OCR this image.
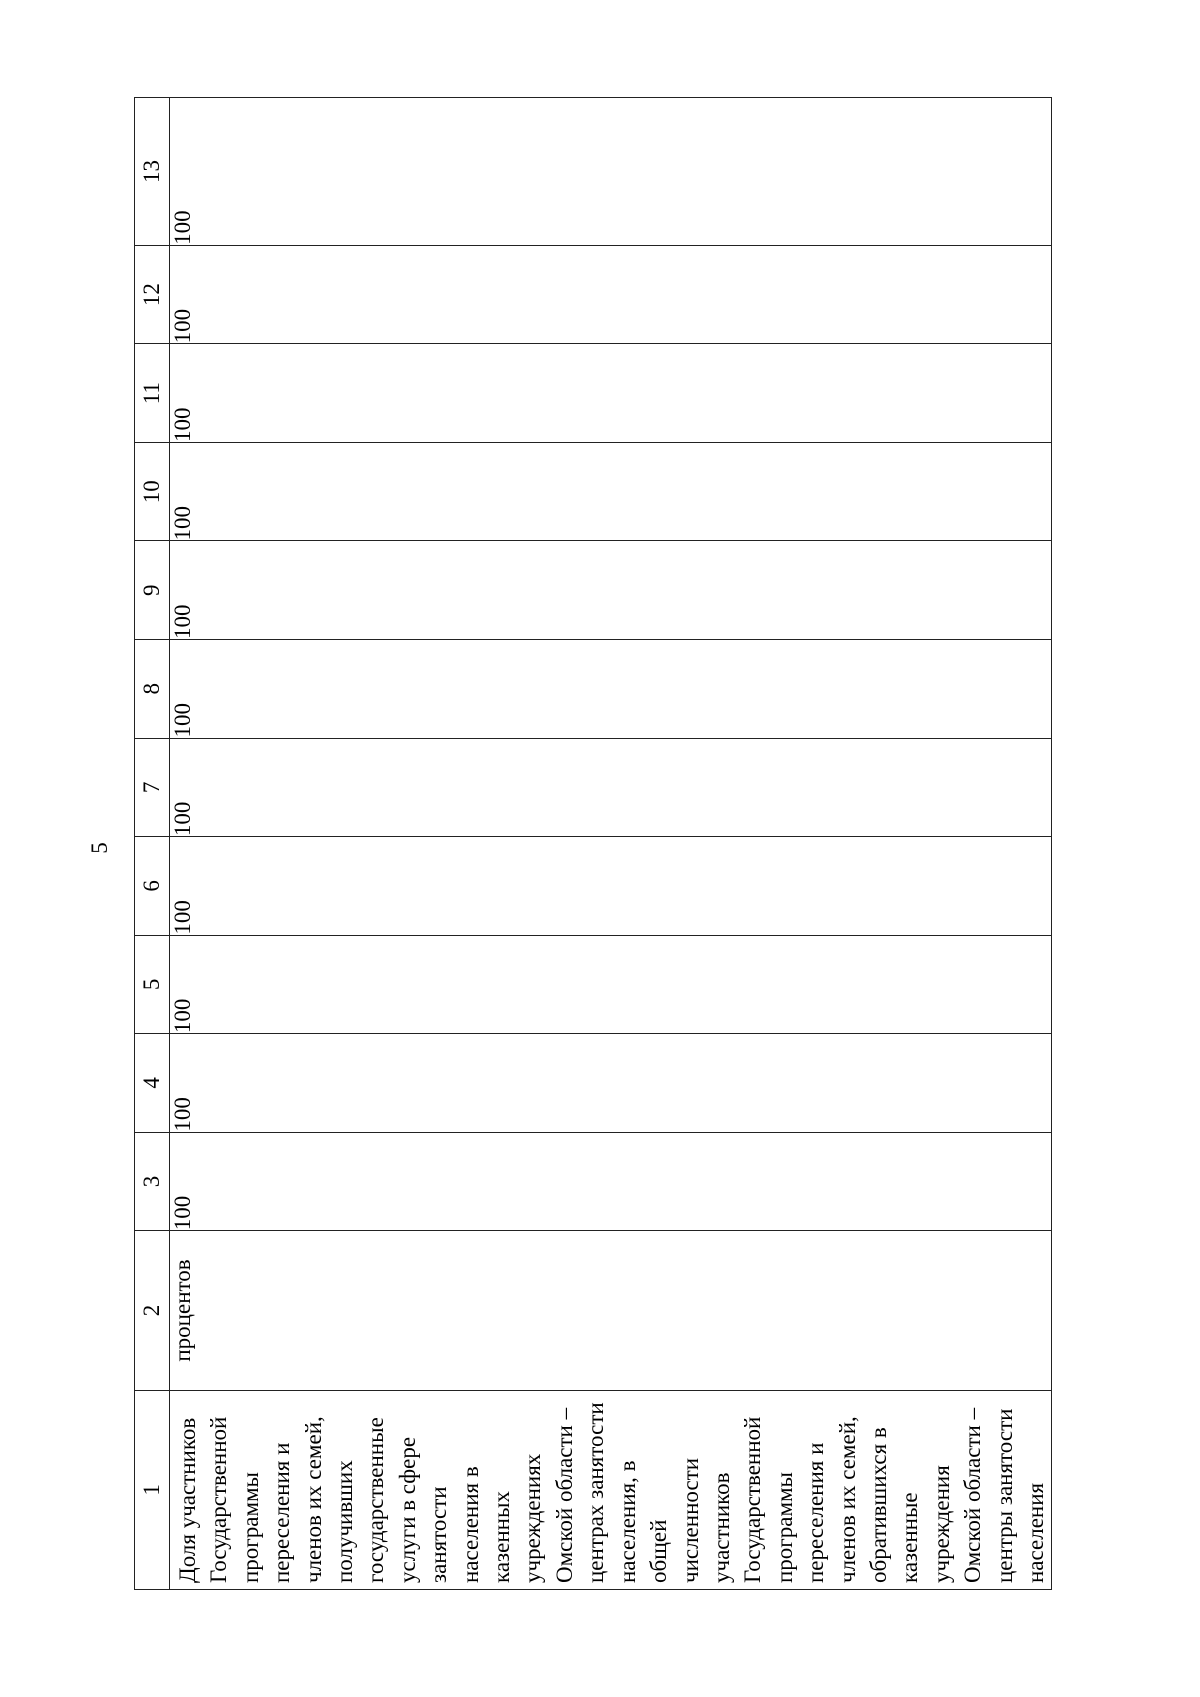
5
1	2	3	4	5	6	7	8	9	10	11	12	13

Доля участников Государственной программы переселения и членов их семей, получивших государственные услуги в сфере занятости населения в казенных учреждениях Омской области – центрах занятости населения, в общей численности участников Государственной программы переселения и членов их семей, обратившихся в казенные учреждения Омской области – центры занятости населения	процентов	100	100	100	100	100	100	100	100	100	100	100
